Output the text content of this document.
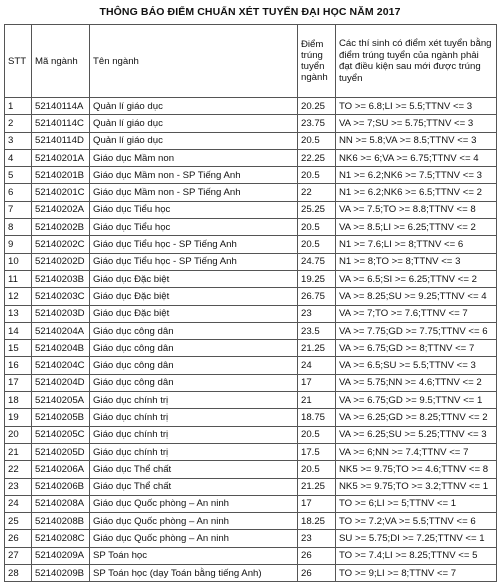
THÔNG BÁO ĐIỂM CHUẨN XÉT TUYỂN ĐẠI HỌC NĂM 2017
STT	Mã ngành	Tên ngành	Điểm trúng tuyển ngành	Các thí sinh có điểm xét tuyển bằng điểm trúng tuyển của ngành phải đạt điều kiện sau mới được trúng tuyển
1	52140114A	Quản lí giáo dục	20.25	TO >= 6.8;LI >= 5.5;TTNV <= 3
2	52140114C	Quản lí giáo dục	23.75	VA >= 7;SU >= 5.75;TTNV <= 3
3	52140114D	Quản lí giáo dục	20.5	NN >= 5.8;VA >= 8.5;TTNV <= 3
4	52140201A	Giáo dục Mầm non	22.25	NK6 >= 6;VA >= 6.75;TTNV <= 4
5	52140201B	Giáo dục Mầm non - SP Tiếng Anh	20.5	N1 >= 6.2;NK6 >= 7.5;TTNV <= 3
6	52140201C	Giáo dục Mầm non - SP Tiếng Anh	22	N1 >= 6.2;NK6 >= 6.5;TTNV <= 2
7	52140202A	Giáo dục Tiểu học	25.25	VA >= 7.5;TO >= 8.8;TTNV <= 8
8	52140202B	Giáo dục Tiểu học	20.5	VA >= 8.5;LI >= 6.25;TTNV <= 2
9	52140202C	Giáo dục Tiểu học - SP Tiếng Anh	20.5	N1 >= 7.6;LI >= 8;TTNV <= 6
10	52140202D	Giáo dục Tiểu học - SP Tiếng Anh	24.75	N1 >= 8;TO >= 8;TTNV <= 3
11	52140203B	Giáo dục Đặc biệt	19.25	VA >= 6.5;SI >= 6.25;TTNV <= 2
12	52140203C	Giáo dục Đặc biệt	26.75	VA >= 8.25;SU >= 9.25;TTNV <= 4
13	52140203D	Giáo dục Đặc biệt	23	VA >= 7;TO >= 7.6;TTNV <= 7
14	52140204A	Giáo dục công dân	23.5	VA >= 7.75;GD >= 7.75;TTNV <= 6
15	52140204B	Giáo dục công dân	21.25	VA >= 6.75;GD >= 8;TTNV <= 7
16	52140204C	Giáo dục công dân	24	VA >= 6.5;SU >= 5.5;TTNV <= 3
17	52140204D	Giáo dục công dân	17	VA >= 5.75;NN >= 4.6;TTNV <= 2
18	52140205A	Giáo dục chính trị	21	VA >= 6.75;GD >= 9.5;TTNV <= 1
19	52140205B	Giáo dục chính trị	18.75	VA >= 6.25;GD >= 8.25;TTNV <= 2
20	52140205C	Giáo dục chính trị	20.5	VA >= 6.25;SU >= 5.25;TTNV <= 3
21	52140205D	Giáo dục chính trị	17.5	VA >= 6;NN >= 7.4;TTNV <= 7
22	52140206A	Giáo dục Thể chất	20.5	NK5 >= 9.75;TO >= 4.6;TTNV <= 8
23	52140206B	Giáo dục Thể chất	21.25	NK5 >= 9.75;TO >= 3.2;TTNV <= 1
24	52140208A	Giáo dục Quốc phòng – An ninh	17	TO >= 6;LI >= 5;TTNV <= 1
25	52140208B	Giáo dục Quốc phòng – An ninh	18.25	TO >= 7.2;VA >= 5.5;TTNV <= 6
26	52140208C	Giáo dục Quốc phòng – An ninh	23	SU >= 5.75;DI >= 7.25;TTNV <= 1
27	52140209A	SP Toán học	26	TO >= 7.4;LI >= 8.25;TTNV <= 5
28	52140209B	SP Toán học (dạy Toán bằng tiếng Anh)	26	TO >= 9;LI >= 8;TTNV <= 7
